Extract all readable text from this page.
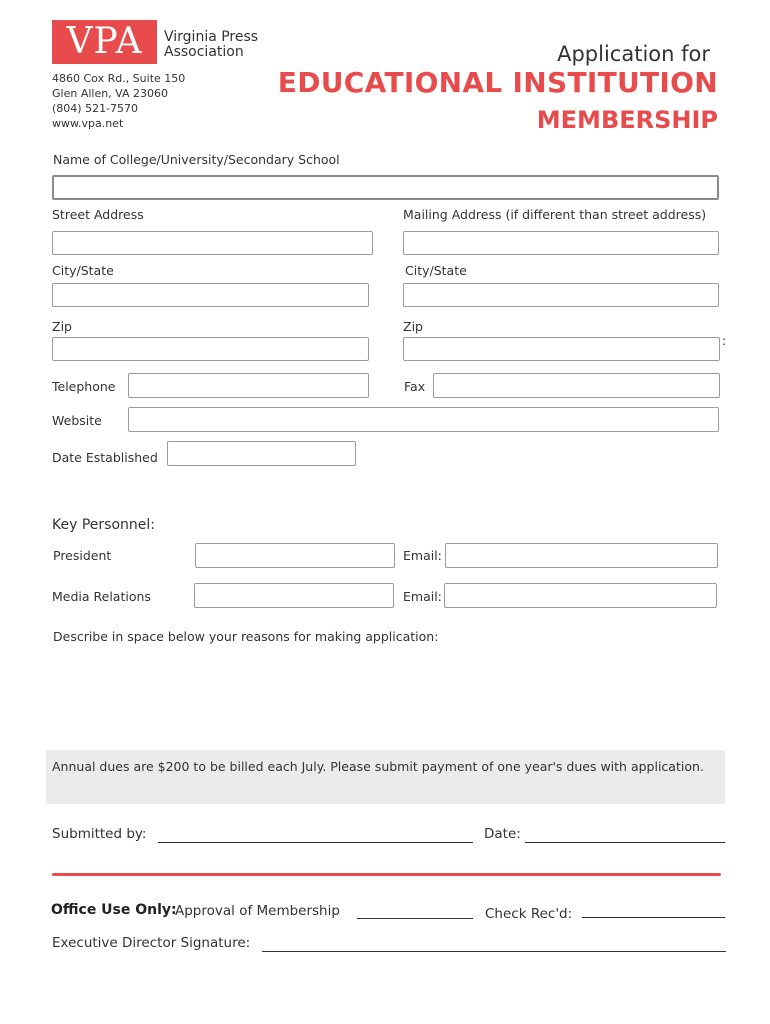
VPA	Virginia Press
Association
4860 Cox Rd., Suite 150
Glen Allen, VA 23060
(804) 521-7570
www.vpa.net
Application for
EDUCATIONAL INSTITUTION
MEMBERSHIP
Name of College/University/Secondary School
Street Address	Mailing Address (if different than street address)
City/State	City/State
Zip	Zip
:
Telephone	Fax
Website
Date Established
Key Personnel:
President	Email:
Media Relations	Email:
Describe in space below your reasons for making application:
Annual dues are $200 to be billed each July. Please submit payment of one year's dues with application.
Submitted by:	Date:
Office Use Only:
Approval of Membership	Check Rec'd:
Executive Director Signature:
